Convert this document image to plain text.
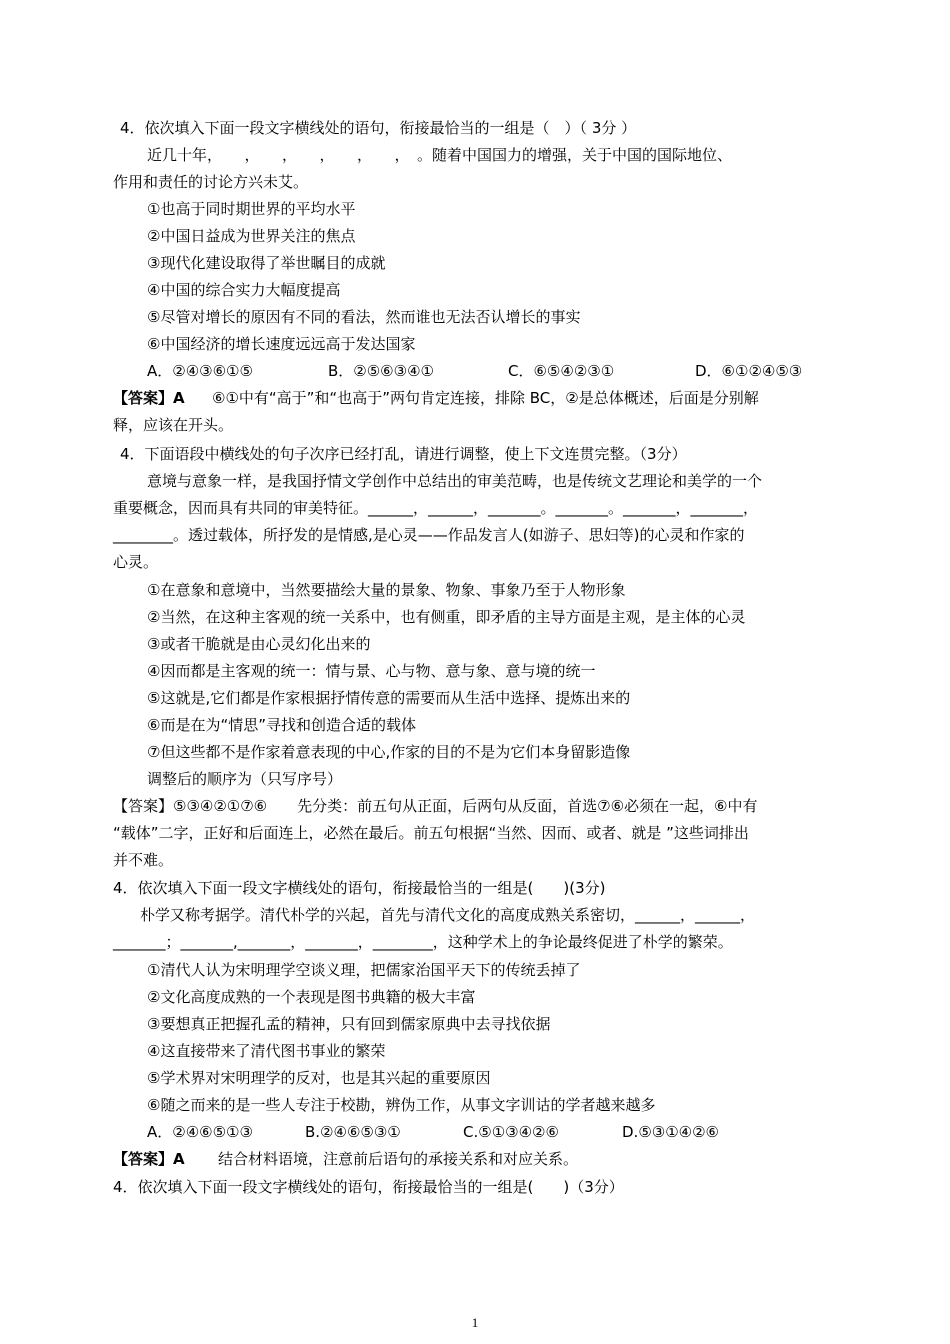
4．依次填入下面一段文字横线处的语句，衔接最恰当的一组是（　）（ 3分 ）
近几十年，　　，　　，　　，　　，　　，　。随着中国国力的增强，关于中国的国际地位、
作用和责任的讨论方兴未艾。
①也高于同时期世界的平均水平
②中国日益成为世界关注的焦点
③现代化建设取得了举世瞩目的成就
④中国的综合实力大幅度提高
⑤尽管对增长的原因有不同的看法，然而谁也无法否认增长的事实
⑥中国经济的增长速度远远高于发达国家
A．②④③⑥①⑤	B．②⑤⑥③④①	C．⑥⑤④②③①	D．⑥①②④⑤③
【答案】A ⑥①中有“高于”和“也高于”两句肯定连接，排除 BC，②是总体概述，后面是分别解
释，应该在开头。
4．下面语段中横线处的句子次序已经打乱，请进行调整，使上下文连贯完整。（3分）
意境与意象一样，是我国抒情文学创作中总结出的审美范畴，也是传统文艺理论和美学的一个
重要概念，因而具有共同的审美特征。______，______，_______。_______。_______，_______，
________。透过载体，所抒发的是情感,是心灵——作品发言人(如游子、思妇等)的心灵和作家的
心灵。
①在意象和意境中，当然要描绘大量的景象、物象、事象乃至于人物形象
②当然，在这种主客观的统一关系中，也有侧重，即矛盾的主导方面是主观，是主体的心灵
③或者干脆就是由心灵幻化出来的
④因而都是主客观的统一：情与景、心与物、意与象、意与境的统一
⑤这就是,它们都是作家根据抒情传意的需要而从生活中选择、提炼出来的
⑥而是在为“情思”寻找和创造合适的载体
⑦但这些都不是作家着意表现的中心,作家的目的不是为它们本身留影造像
调整后的顺序为（只写序号）
【答案】⑤③④②①⑦⑥　　先分类：前五句从正面，后两句从反面，首选⑦⑥必须在一起，⑥中有
“载体”二字，正好和后面连上，必然在最后。前五句根据“当然、因而、或者、就是 ”这些词排出
并不难。
4．依次填入下面一段文字横线处的语句，衔接最恰当的一组是(　　)(3分)
朴学又称考据学。清代朴学的兴起，首先与清代文化的高度成熟关系密切，______，______，
_______；_______,_______，_______，________，这种学术上的争论最终促进了朴学的繁荣。
①清代人认为宋明理学空谈义理，把儒家治国平天下的传统丢掉了
②文化高度成熟的一个表现是图书典籍的极大丰富
③要想真正把握孔孟的精神，只有回到儒家原典中去寻找依据
④这直接带来了清代图书事业的繁荣
⑤学术界对宋明理学的反对，也是其兴起的重要原因
⑥随之而来的是一些人专注于校勘，辨伪工作，从事文字训诂的学者越来越多
A．②④⑥⑤①③	B.②④⑥⑤③①	C.⑤①③④②⑥	D.⑤③①④②⑥
【答案】A 结合材料语境，注意前后语句的承接关系和对应关系。
4．依次填入下面一段文字横线处的语句，衔接最恰当的一组是(　　)（3分）
1
